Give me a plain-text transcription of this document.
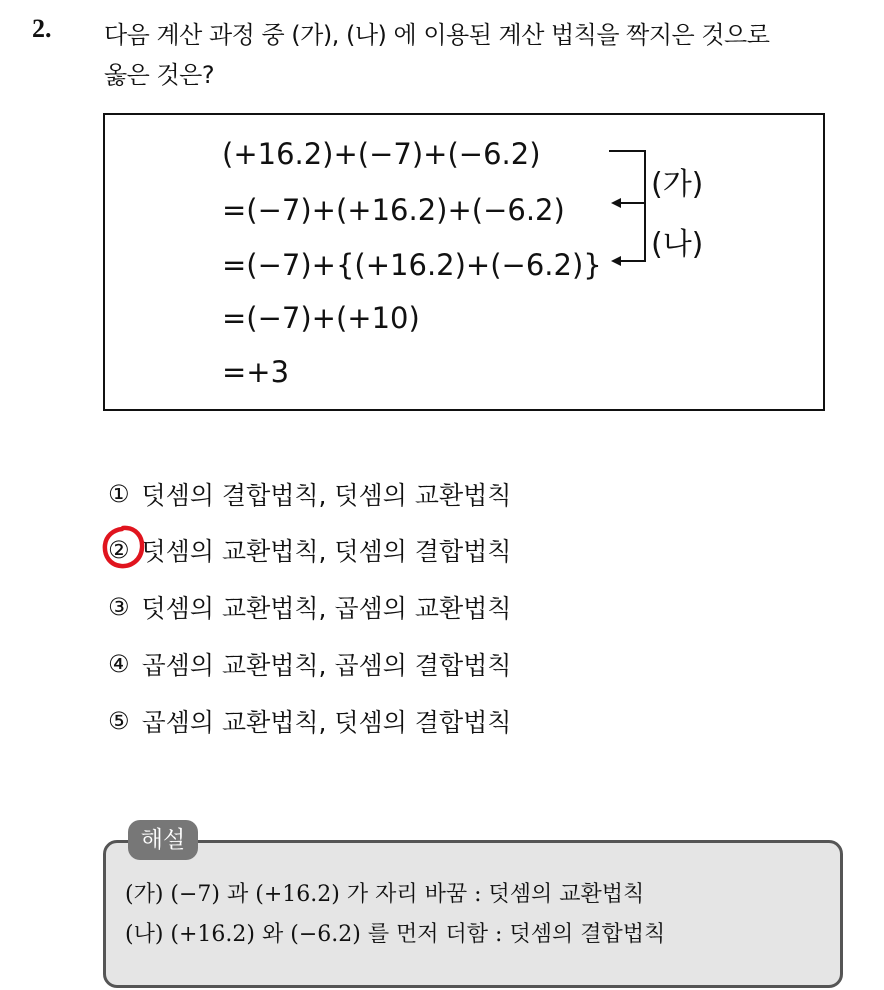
2. 다음 계산 과정 중 (가), (나) 에 이용된 계산 법칙을 짝지은 것으로
옳은 것은?
(+16.2)+(−7)+(−6.2)
=(−7)+(+16.2)+(−6.2)
=(−7)+{(+16.2)+(−6.2)}
=(−7)+(+10)
=+3
(가)
(나)
① 덧셈의 결합법칙, 덧셈의 교환법칙
② 덧셈의 교환법칙, 덧셈의 결합법칙
③ 덧셈의 교환법칙, 곱셈의 교환법칙
④ 곱셈의 교환법칙, 곱셈의 결합법칙
⑤ 곱셈의 교환법칙, 덧셈의 결합법칙
해설
(가) (−7) 과 (+16.2) 가 자리 바꿈 : 덧셈의 교환법칙
(나) (+16.2) 와 (−6.2) 를 먼저 더함 : 덧셈의 결합법칙
